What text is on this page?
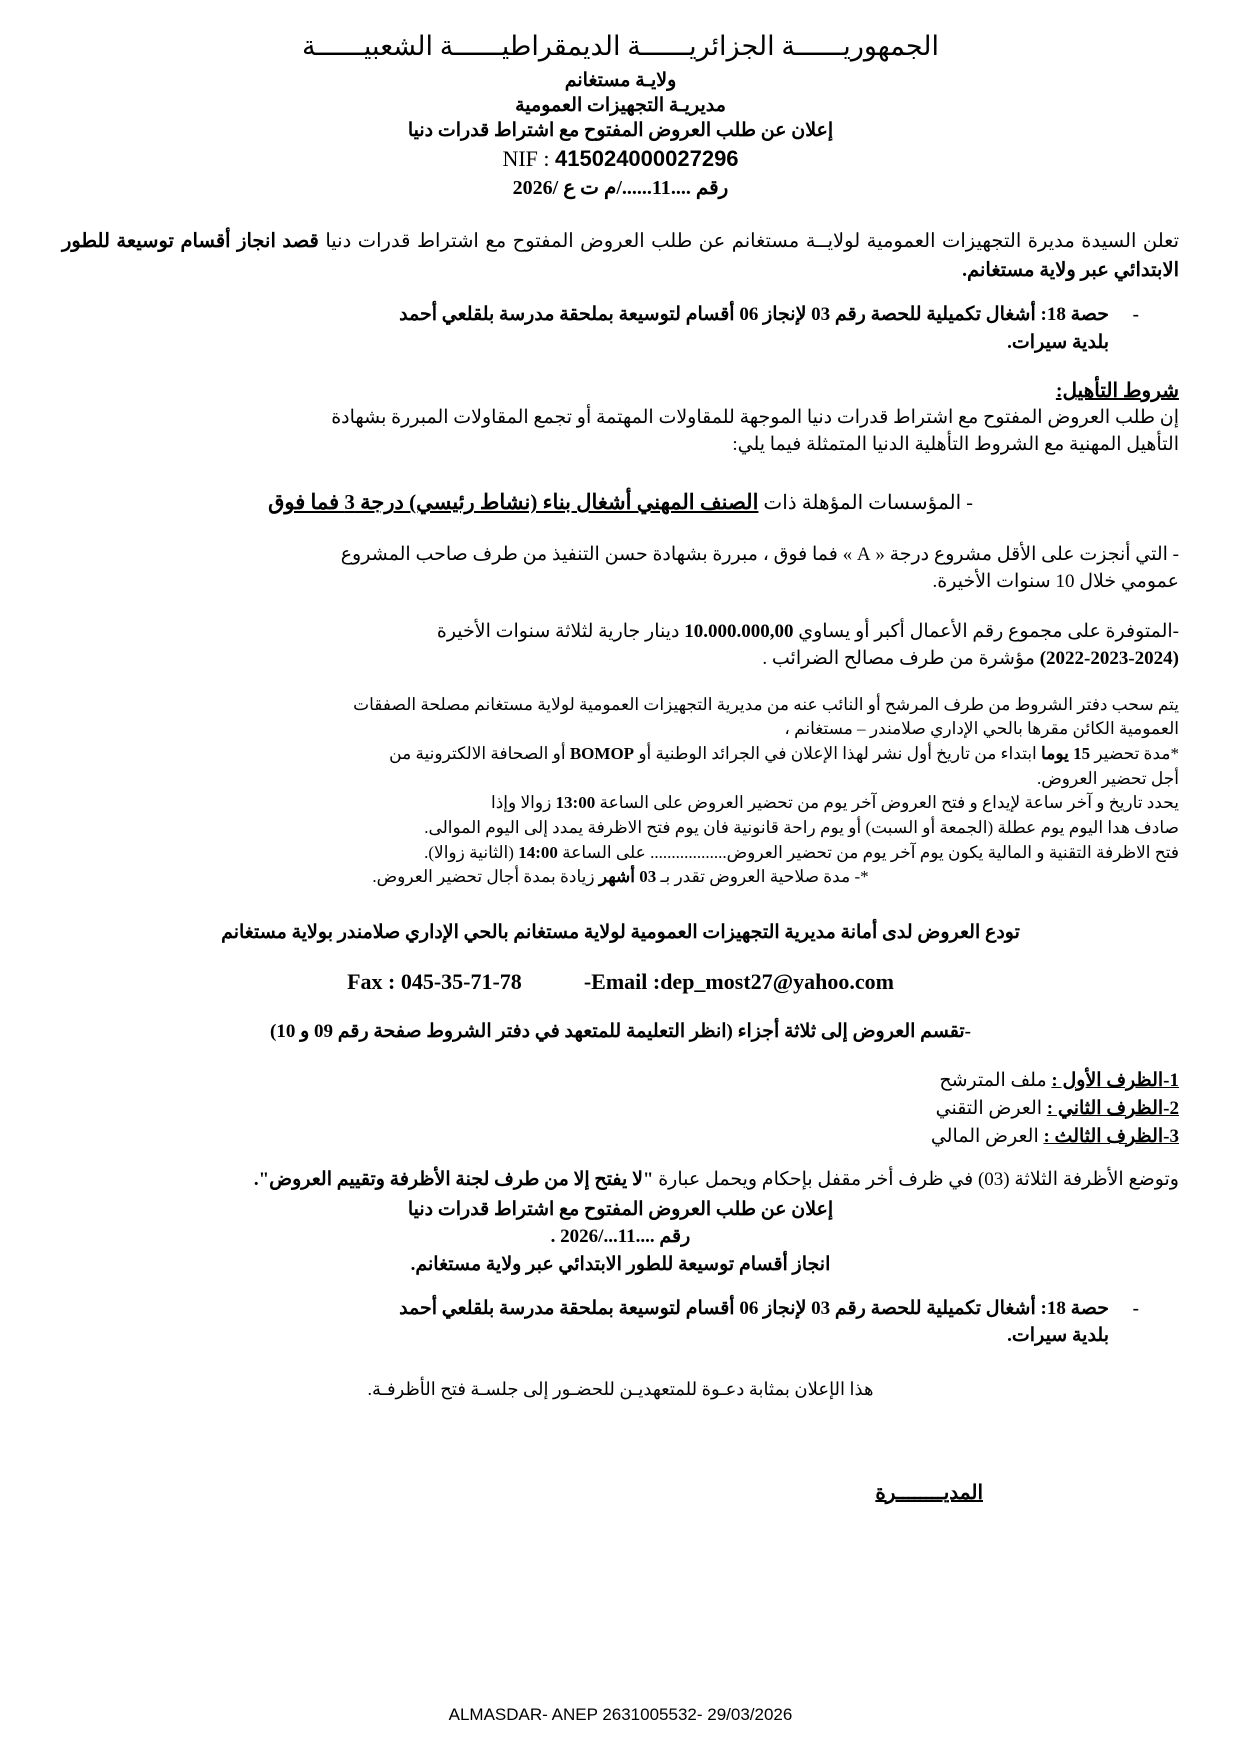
الجمهوريــــــة الجزائريــــــة الديمقراطيــــــة الشعبيــــــة
ولايـة مستغانم
مديريـة التجهيزات العمومية
إعلان عن طلب العروض المفتوح مع اشتراط قدرات دنيا
NIF : 415024000027296
رقم ....11....../م ت ع /2026
تعلن السيدة مديرة التجهيزات العمومية لولايــة مستغانم عن طلب العروض المفتوح مع اشتراط قدرات دنيا قصد انجاز أقسام توسيعة للطور الابتدائي عبر ولاية مستغانم.
-
حصة 18: أشغال تكميلية للحصة رقم 03 لإنجاز 06 أقسام لتوسيعة بملحقة مدرسة بلقلعي أحمد
بلدية سيرات.
شروط التأهيل:
إن طلب العروض المفتوح مع اشتراط قدرات دنيا الموجهة للمقاولات المهتمة أو تجمع المقاولات المبررة بشهادة
التأهيل المهنية مع الشروط التأهلية الدنيا المتمثلة فيما يلي:
- المؤسسات المؤهلة ذات الصنف المهني أشغال بناء (نشاط رئيسي) درجة 3 فما فوق
- التي أنجزت على الأقل مشروع درجة « A » فما فوق ، مبررة بشهادة حسن التنفيذ من طرف صاحب المشروع
عمومي خلال 10 سنوات الأخيرة.
-المتوفرة على مجموع رقم الأعمال أكبر أو يساوي 10.000.000,00 دينار جارية لثلاثة سنوات الأخيرة
(2022-2023-2024) مؤشرة من طرف مصالح الضرائب .
يتم سحب دفتر الشروط من طرف المرشح أو النائب عنه من مديرية التجهيزات العمومية لولاية مستغانم مصلحة الصفقات
العمومية الكائن مقرها بالحي الإداري صلامندر – مستغانم ،
*مدة تحضير 15 يوما ابتداء من تاريخ أول نشر لهذا الإعلان في الجرائد الوطنية أو BOMOP أو الصحافة الالكترونية من
أجل تحضير العروض.
يحدد تاريخ و آخر ساعة لإيداع و فتح العروض آخر يوم من تحضير العروض على الساعة 13:00 زوالا وإذا
صادف هدا اليوم يوم عطلة (الجمعة أو السبت) أو يوم راحة قانونية فان يوم فتح الاظرفة يمدد إلى اليوم الموالى.
فتح الاظرفة التقنية و المالية يكون يوم آخر يوم من تحضير العروض.................. على الساعة 14:00 (الثانية زوالا).
*- مدة صلاحية العروض تقدر بـ 03 أشهر زيادة بمدة أجال تحضير العروض.
تودع العروض لدى أمانة مديرية التجهيزات العمومية لولاية مستغانم بالحي الإداري صلامندر بولاية مستغانم
Fax : 045-35-71-78	-Email :dep_most27@yahoo.com
-تقسم العروض إلى ثلاثة أجزاء (انظر التعليمة للمتعهد في دفتر الشروط صفحة رقم 09 و 10)
1-الظرف الأول : ملف المترشح
2-الظرف الثاني : العرض التقني
3-الظرف الثالث : العرض المالي
وتوضع الأظرفة الثلاثة (03) في ظرف أخر مقفل بإحكام ويحمل عبارة "لا يفتح إلا من طرف لجنة الأظرفة وتقييم العروض".
إعلان عن طلب العروض المفتوح مع اشتراط قدرات دنيا
رقم ....11.../2026 .
انجاز أقسام توسيعة للطور الابتدائي عبر ولاية مستغانم.
-
حصة 18: أشغال تكميلية للحصة رقم 03 لإنجاز 06 أقسام لتوسيعة بملحقة مدرسة بلقلعي أحمد
بلدية سيرات.
هذا الإعلان بمثابة دعـوة للمتعهديـن للحضـور إلى جلسـة فتح الأظرفـة.
المديــــــــرة
ALMASDAR- ANEP 2631005532- 29/03/2026
